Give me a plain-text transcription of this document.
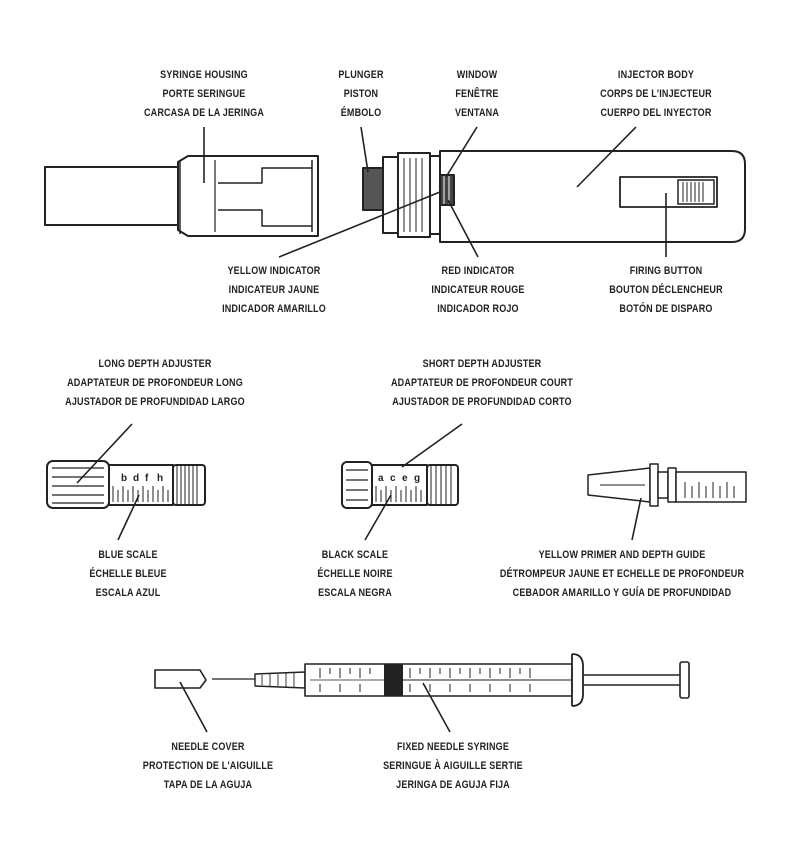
b d f h	a c e g
SYRINGE HOUSING
PORTE SERINGUE
CARCASA DE LA JERINGA
PLUNGER
PISTON
ÉMBOLO
WINDOW
FENÊTRE
VENTANA
INJECTOR BODY
CORPS DE L'INJECTEUR
CUERPO DEL INYECTOR
YELLOW INDICATOR
INDICATEUR JAUNE
INDICADOR AMARILLO
RED INDICATOR
INDICATEUR ROUGE
INDICADOR ROJO
FIRING BUTTON
BOUTON DÉCLENCHEUR
BOTÓN DE DISPARO
LONG DEPTH ADJUSTER
ADAPTATEUR DE PROFONDEUR LONG
AJUSTADOR DE PROFUNDIDAD LARGO
SHORT DEPTH ADJUSTER
ADAPTATEUR DE PROFONDEUR COURT
AJUSTADOR DE PROFUNDIDAD CORTO
BLUE SCALE
ÉCHELLE BLEUE
ESCALA AZUL
BLACK SCALE
ÉCHELLE NOIRE
ESCALA NEGRA
YELLOW PRIMER AND DEPTH GUIDE
DÉTROMPEUR JAUNE ET ECHELLE DE PROFONDEUR
CEBADOR AMARILLO Y GUÍA DE PROFUNDIDAD
NEEDLE COVER
PROTECTION DE L'AIGUILLE
TAPA DE LA AGUJA
FIXED NEEDLE SYRINGE
SERINGUE À AIGUILLE SERTIE
JERINGA DE AGUJA FIJA
